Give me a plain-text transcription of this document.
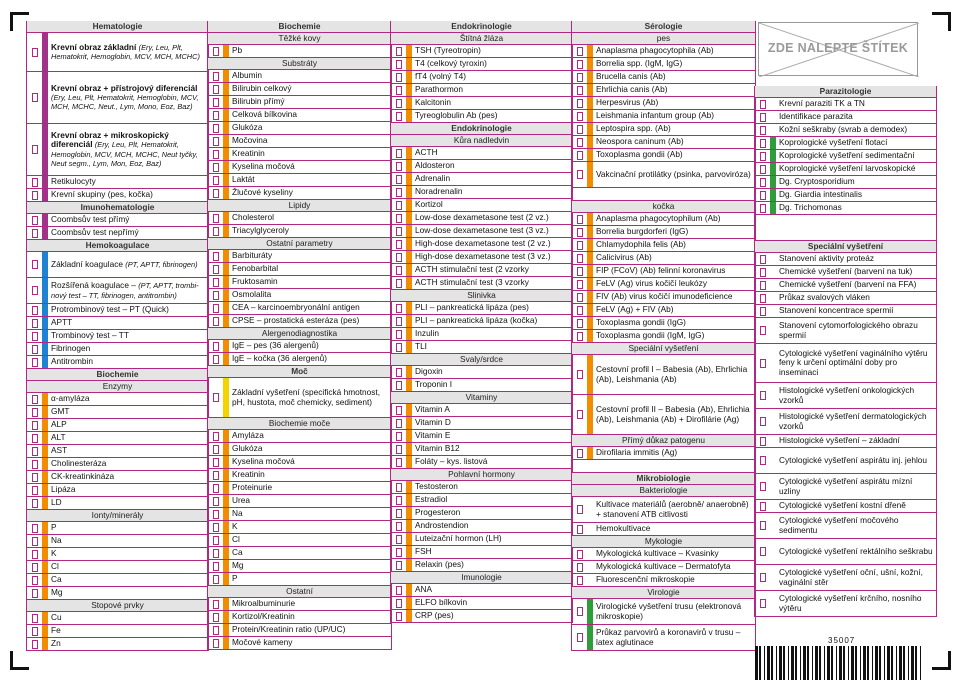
Hematologie
Krevní obraz základní (Ery, Leu, Plt, Hematokrit, Hemoglobin, MCV, MCH, MCHC)
Krevní obraz + přístrojový diferenciál (Ery, Leu, Plt, Hematokrit, Hemoglobin, MCV, MCH, MCHC, Neut., Lym, Mono, Eoz, Baz)
Krevní obraz + mikroskopický diferenciál (Ery, Leu, Plt, Hematokrit, Hemoglobin, MCV, MCH, MCHC, Neut tyčky, Neut segm., Lym, Mon, Eoz, Baz)
Retikulocyty
Krevní skupiny (pes, kočka)
Imunohematologie
Coombsův test přímý
Coombsův test nepřímý
Hemokoagulace
Základní koagulace (PT, APTT, fibrinogen)
Rozšířená koagulace – (PT, APTT, trombi-nový test – TT, fibrinogen, antitrombin)
Protrombinový test – PT (Quick)
APTT
Trombinový test – TT
Fibrinogen
Antitrombin
Biochemie
Enzymy
α-amyláza
GMT
ALP
ALT
AST
Cholinesteráza
CK-kreatinkináza
Lipáza
LD
Ionty/minerály
P
Na
K
Cl
Ca
Mg
Stopové prvky
Cu
Fe
Zn
Biochemie
Těžké kovy
Pb
Substráty
Albumin
Bilirubin celkový
Bilirubin přímý
Celková bílkovina
Glukóza
Močovina
Kreatinin
Kyselina močová
Laktát
Žlučové kyseliny
Lipidy
Cholesterol
Triacylglyceroly
Ostatní parametry
Barbituráty
Fenobarbital
Fruktosamin
Osmolalita
CEA – karcinoembryonální antigen
CPSE – prostatická esteráza (pes)
Alergenodiagnostika
IgE – pes (36 alergenů)
IgE – kočka (36 alergenů)
Moč
Základní vyšetření (specifická hmotnost, pH, hustota, moč chemicky, sediment)
Biochemie moče
Amyláza
Glukóza
Kyselina močová
Kreatinin
Proteinurie
Urea
Na
K
Cl
Ca
Mg
P
Ostatní
Mikroalbuminurie
Kortizol/Kreatinin
Protein/Kreatinin ratio (UP/UC)
Močové kameny
Endokrinologie
Štítná žláza
TSH (Tyreotropin)
T4 (celkový tyroxin)
fT4 (volný T4)
Parathormon
Kalcitonin
Tyreoglobulin Ab (pes)
Endokrinologie
Kůra nadledvin
ACTH
Aldosteron
Adrenalin
Noradrenalin
Kortizol
Low-dose dexametasone test (2 vz.)
Low-dose dexametasone test (3 vz.)
High-dose dexametasone test (2 vz.)
High-dose dexametasone test (3 vz.)
ACTH stimulační test (2 vzorky
ACTH stimulační test (3 vzorky
Slinivka
PLI – pankreatická lipáza (pes)
PLI – pankreatická lipáza (kočka)
Inzulin
TLI
Svaly/srdce
Digoxin
Troponin I
Vitaminy
Vitamin A
Vitamin D
Vitamin E
Vitamin B12
Foláty – kys. listová
Pohlavní hormony
Testosteron
Estradiol
Progesteron
Androstendion
Luteizační hormon (LH)
FSH
Relaxin (pes)
Imunologie
ANA
ELFO bílkovin
CRP (pes)
Sérologie
pes
Anaplasma phagocytophila (Ab)
Borrelia spp. (IgM, IgG)
Brucella canis (Ab)
Ehrlichia canis (Ab)
Herpesvirus (Ab)
Leishmania infantum group (Ab)
Leptospira spp. (Ab)
Neospora caninum (Ab)
Toxoplasma gondii (Ab)
Vakcinační protilátky (psinka, parvoviróza)
kočka
Anaplasma phagocytophilum (Ab)
Borrelia burgdorferi (IgG)
Chlamydophila felis (Ab)
Calicivirus (Ab)
FIP (FCoV) (Ab) felinní koronavirus
FeLV (Ag) virus kočičí leukózy
FIV (Ab) virus kočičí imunodeficience
FeLV (Ag) + FIV (Ab)
Toxoplasma gondii (IgG)
Toxoplasma gondii (IgM, IgG)
Speciální vyšetření
Cestovní profil I – Babesia (Ab), Ehrlichia (Ab), Leishmania (Ab)
Cestovní profil II – Babesia (Ab), Ehrlichia (Ab), Leishmania (Ab) + Dirofilárie (Ag)
Přímý důkaz patogenu
Dirofilaria immitis (Ag)
Mikrobiologie
Bakteriologie
Kultivace materiálů (aerobně/ anaerobně) + stanovení ATB citlivosti
Hemokultivace
Mykologie
Mykologická kultivace – Kvasinky
Mykologická kultivace – Dermatofyta
Fluorescenční mikroskopie
Virologie
Virologické vyšetření trusu (elektronová mikroskopie)
Průkaz parvovirů a koronavirů v trusu – latex aglutinace
Parazitologie
Krevní paraziti TK a TN
Identifikace parazita
Kožní seškraby (svrab a demodex)
Koprologické vyšetření flotací
Koprologické vyšetření sedimentační
Koprologické vyšetření larvoskopické
Dg. Cryptosporidium
Dg. Giardia intestinalis
Dg. Trichomonas
Speciální vyšetření
Stanovení aktivity proteáz
Chemické vyšetření (barvení na tuk)
Chemické vyšetření (barvení na FFA)
Průkaz svalových vláken
Stanovení koncentrace spermií
Stanovení cytomorfologického obrazu spermií
Cytologické vyšetření vaginálního výtěru feny k určení optimální doby pro inseminaci
Histologické vyšetření onkologických vzorků
Histologické vyšetření dermatologických vzorků
Histologické vyšetření – základní
Cytologické vyšetření aspirátu inj. jehlou
Cytologické vyšetření aspirátu mízní uzliny
Cytologické vyšetření kostní dřeně
Cytologické vyšetření močového sedimentu
Cytologické vyšetření rektálního seškrabu
Cytologické vyšetření oční, ušní, kožní, vaginální stěr
Cytologické vyšetření krčního, nosního výtěru
ZDE NALEPTE ŠTÍTEK
35007
